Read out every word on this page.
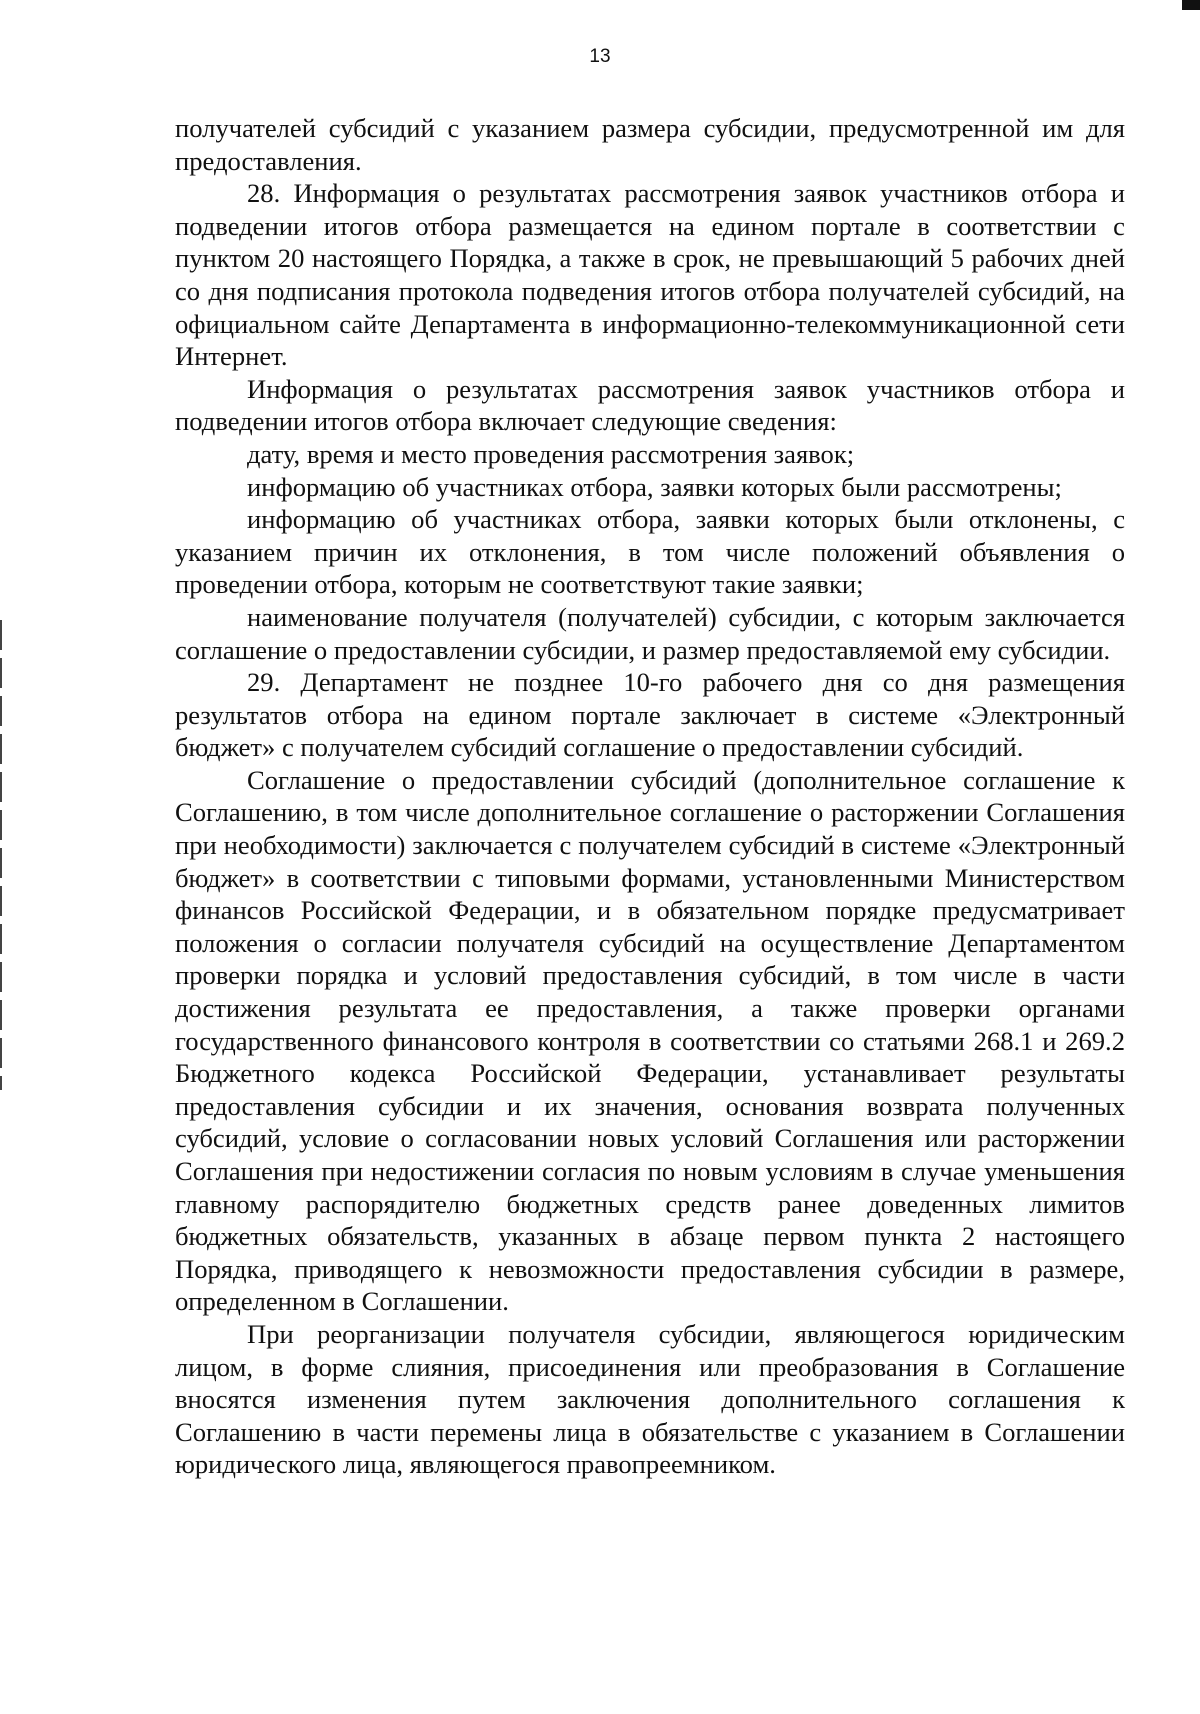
13

получателей субсидий с указанием размера субсидии, предусмотренной им для предоставления.

28. Информация о результатах рассмотрения заявок участников отбора и подведении итогов отбора размещается на едином портале в соответствии с пунктом 20 настоящего Порядка, а также в срок, не превышающий 5 рабочих дней со дня подписания протокола подведения итогов отбора получателей субсидий, на официальном сайте Департамента в информационно-телекоммуникационной сети Интернет.

Информация о результатах рассмотрения заявок участников отбора и подведении итогов отбора включает следующие сведения:

дату, время и место проведения рассмотрения заявок;

информацию об участниках отбора, заявки которых были рассмотрены;

информацию об участниках отбора, заявки которых были отклонены, с указанием причин их отклонения, в том числе положений объявления о проведении отбора, которым не соответствуют такие заявки;

наименование получателя (получателей) субсидии, с которым заключается соглашение о предоставлении субсидии, и размер предоставляемой ему субсидии.

29. Департамент не позднее 10-го рабочего дня со дня размещения результатов отбора на едином портале заключает в системе «Электронный бюджет» с получателем субсидий соглашение о предоставлении субсидий.

Соглашение о предоставлении субсидий (дополнительное соглашение к Соглашению, в том числе дополнительное соглашение о расторжении Соглашения при необходимости) заключается с получателем субсидий в системе «Электронный бюджет» в соответствии с типовыми формами, установленными Министерством финансов Российской Федерации, и в обязательном порядке предусматривает положения о согласии получателя субсидий на осуществление Департаментом проверки порядка и условий предоставления субсидий, в том числе в части достижения результата ее предоставления, а также проверки органами государственного финансового контроля в соответствии со статьями 268.1 и 269.2 Бюджетного кодекса Российской Федерации, устанавливает результаты предоставления субсидии и их значения, основания возврата полученных субсидий, условие о согласовании новых условий Соглашения или расторжении Соглашения при недостижении согласия по новым условиям в случае уменьшения главному распорядителю бюджетных средств ранее доведенных лимитов бюджетных обязательств, указанных в абзаце первом пункта 2 настоящего Порядка, приводящего к невозможности предоставления субсидии в размере, определенном в Соглашении.

При реорганизации получателя субсидии, являющегося юридическим лицом, в форме слияния, присоединения или преобразования в Соглашение вносятся изменения путем заключения дополнительного соглашения к Соглашению в части перемены лица в обязательстве с указанием в Соглашении юридического лица, являющегося правопреемником.
